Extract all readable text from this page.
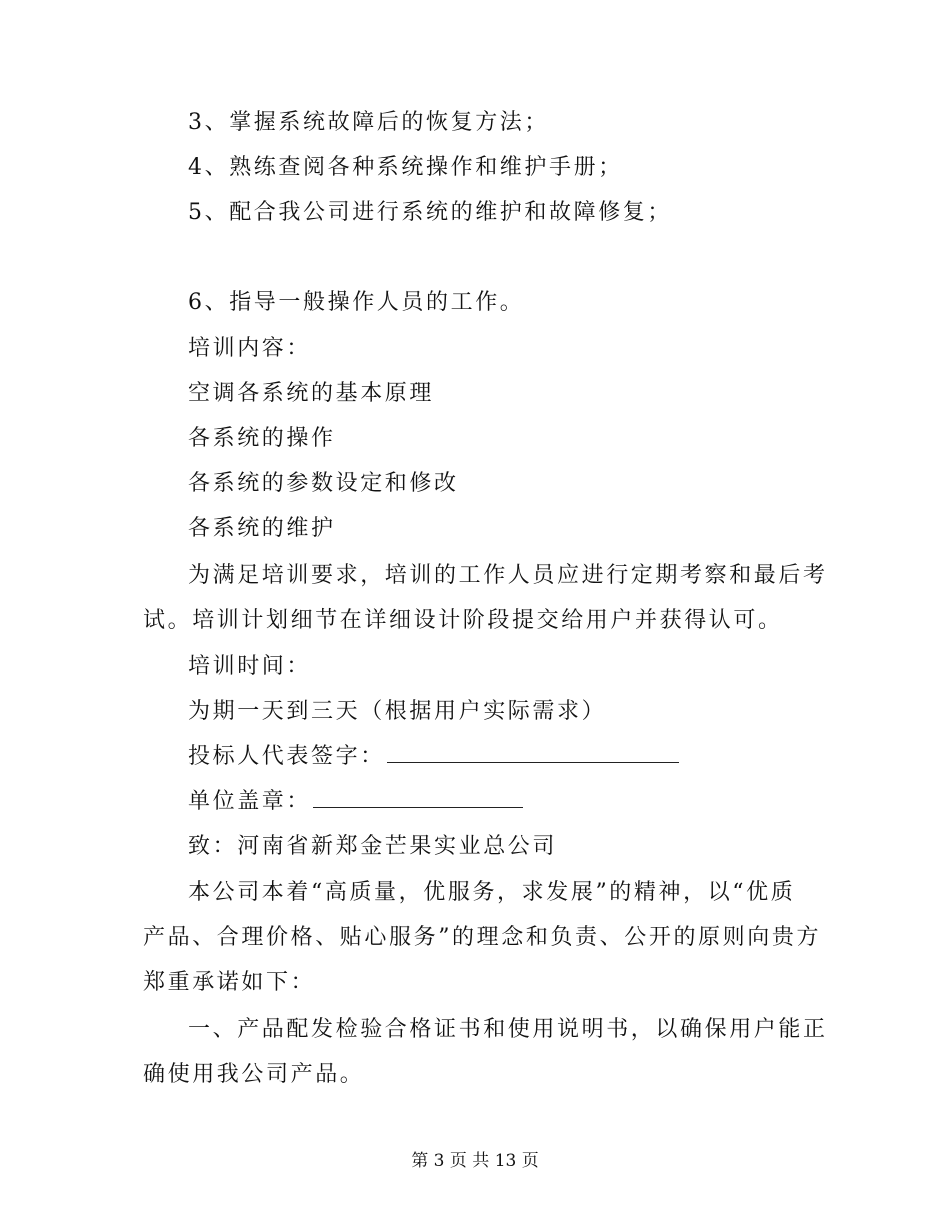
3、掌握系统故障后的恢复方法；
4、熟练查阅各种系统操作和维护手册；
5、配合我公司进行系统的维护和故障修复；
6、指导一般操作人员的工作。
培训内容：
空调各系统的基本原理
各系统的操作
各系统的参数设定和修改
各系统的维护
为满足培训要求，培训的工作人员应进行定期考察和最后考
试。培训计划细节在详细设计阶段提交给用户并获得认可。
培训时间：
为期一天到三天（根据用户实际需求）
投标人代表签字：
单位盖章：
致：河南省新郑金芒果实业总公司
本公司本着“高质量，优服务，求发展”的精神，以“优质
产品、合理价格、贴心服务”的理念和负责、公开的原则向贵方
郑重承诺如下：
一、产品配发检验合格证书和使用说明书，以确保用户能正
确使用我公司产品。
第 3 页 共 13 页
